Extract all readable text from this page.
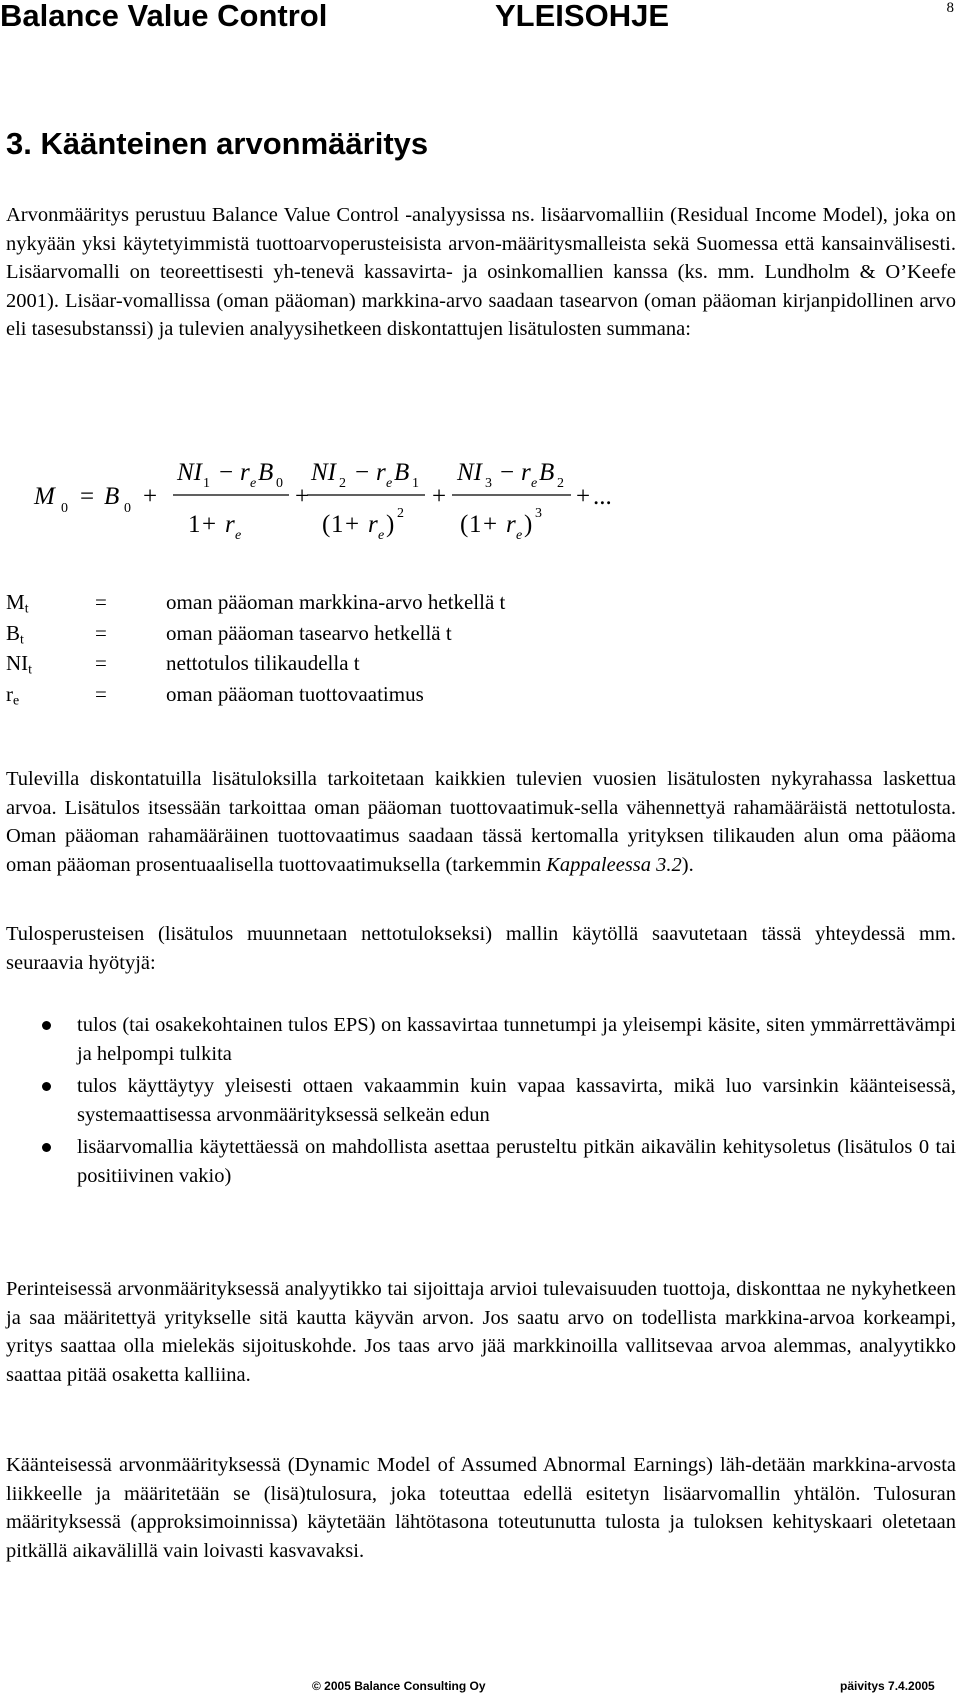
Balance Value Control	YLEISOHJE	8
3. Käänteinen arvonmääritys

Arvonmääritys perustuu Balance Value Control -analyysissa ns. lisäarvomalliin (Residual Income Model), joka on nykyään yksi käytetyimmistä tuottoarvoperusteisista arvon-määritysmalleista sekä Suomessa että kansainvälisesti. Lisäarvomalli on teoreettisesti yh-tenevä kassavirta- ja osinkomallien kanssa (ks. mm. Lundholm & O’Keefe 2001). Lisäar-vomallissa (oman pääoman) markkina-arvo saadaan tasearvon (oman pääoman kirjanpidollinen arvo eli tasesubstanssi) ja tulevien analyysihetkeen diskontattujen lisätulosten summana:

M 0 = B 0 +
NI 1 − r e B 0
1 + r e
+
NI 2 − r e B 1
( 1 + r e ) 2
+
NI 3 − r e B 2
( 1 + r e ) 3
+ ...
$M_t$	=	oman pääoman markkina-arvo hetkellä t
$B_t$	=	oman pääoman tasearvo hetkellä t
$NI_t$	=	nettotulos tilikaudella t
$r_e$	=	oman pääoman tuottovaatimus

Tulevilla diskontatuilla lisätuloksilla tarkoitetaan kaikkien tulevien vuosien lisätulosten nykyrahassa laskettua arvoa. Lisätulos itsessään tarkoittaa oman pääoman tuottovaatimuk-sella vähennettyä rahamääräistä nettotulosta. Oman pääoman rahamääräinen tuottovaatimus saadaan tässä kertomalla yrityksen tilikauden alun oma pääoma oman pääoman prosentuaalisella tuottovaatimuksella (tarkemmin Kappaleessa 3.2).

Tulosperusteisen (lisätulos muunnetaan nettotulokseksi) mallin käytöllä saavutetaan tässä yhteydessä mm. seuraavia hyötyjä:

tulos (tai osakekohtainen tulos EPS) on kassavirtaa tunnetumpi ja yleisempi käsite, siten ymmärrettävämpi ja helpompi tulkita
tulos käyttäytyy yleisesti ottaen vakaammin kuin vapaa kassavirta, mikä luo varsinkin käänteisessä, systemaattisessa arvonmäärityksessä selkeän edun
lisäarvomallia käytettäessä on mahdollista asettaa perusteltu pitkän aikavälin kehitysoletus (lisätulos 0 tai positiivinen vakio)

Perinteisessä arvonmäärityksessä analyytikko tai sijoittaja arvioi tulevaisuuden tuottoja, diskonttaa ne nykyhetkeen ja saa määritettyä yritykselle sitä kautta käyvän arvon. Jos saatu arvo on todellista markkina-arvoa korkeampi, yritys saattaa olla mielekäs sijoituskohde. Jos taas arvo jää markkinoilla vallitsevaa arvoa alemmas, analyytikko saattaa pitää osaketta kalliina.

Käänteisessä arvonmäärityksessä (Dynamic Model of Assumed Abnormal Earnings) läh-detään markkina-arvosta liikkeelle ja määritetään se (lisä)tulosura, joka toteuttaa edellä esitetyn lisäarvomallin yhtälön. Tulosuran määrityksessä (approksimoinnissa) käytetään lähtötasona toteutunutta tulosta ja tuloksen kehityskaari oletetaan pitkällä aikavälillä vain loivasti kasvavaksi.

© 2005 Balance Consulting Oy	päivitys 7.4.2005
